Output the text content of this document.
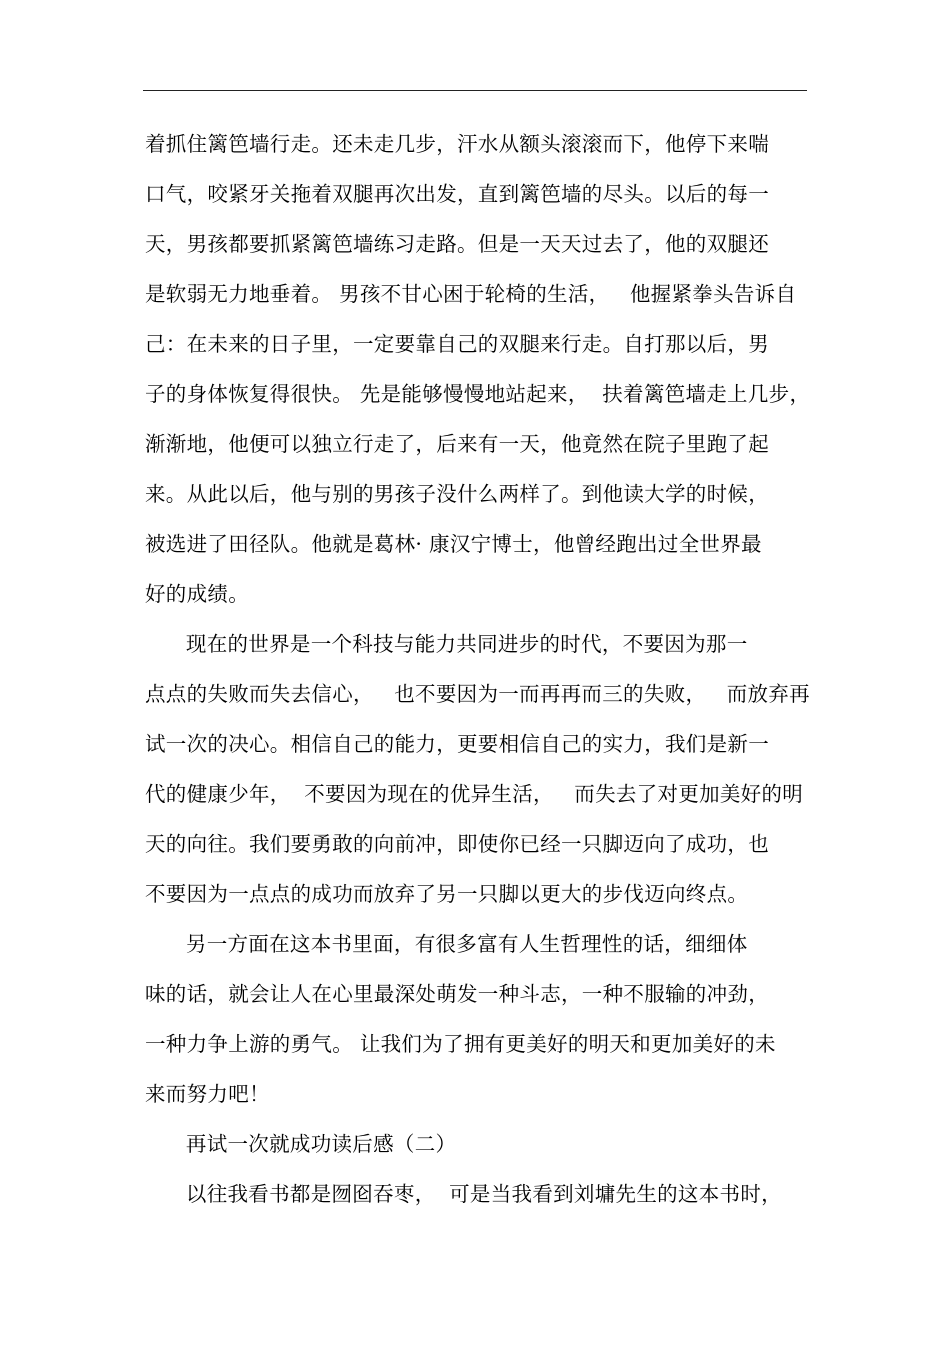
着抓住篱笆墙行走。还未走几步，汗水从额头滚滚而下，他停下来喘
口气，咬紧牙关拖着双腿再次出发，直到篱笆墙的尽头。以后的每一
天，男孩都要抓紧篱笆墙练习走路。但是一天天过去了，他的双腿还
是软弱无力地垂着。 男孩不甘心困于轮椅的生活，   他握紧拳头告诉自
己：在未来的日子里，一定要靠自己的双腿来行走。自打那以后，男
子的身体恢复得很快。 先是能够慢慢地站起来，  扶着篱笆墙走上几步，
渐渐地，他便可以独立行走了，后来有一天，他竟然在院子里跑了起
来。从此以后，他与别的男孩子没什么两样了。到他读大学的时候，
被选进了田径队。他就是葛林· 康汉宁博士，他曾经跑出过全世界最
好的成绩。
现在的世界是一个科技与能力共同进步的时代，不要因为那一
点点的失败而失去信心，   也不要因为一而再再而三的失败，   而放弃再
试一次的决心。相信自己的能力，更要相信自己的实力，我们是新一
代的健康少年，  不要因为现在的优异生活，   而失去了对更加美好的明
天的向往。我们要勇敢的向前冲，即使你已经一只脚迈向了成功，也
不要因为一点点的成功而放弃了另一只脚以更大的步伐迈向终点。
另一方面在这本书里面，有很多富有人生哲理性的话，细细体
味的话，就会让人在心里最深处萌发一种斗志，一种不服输的冲劲，
一种力争上游的勇气。 让我们为了拥有更美好的明天和更加美好的未
来而努力吧！
再试一次就成功读后感（二）
以往我看书都是囫囵吞枣，  可是当我看到刘墉先生的这本书时，
